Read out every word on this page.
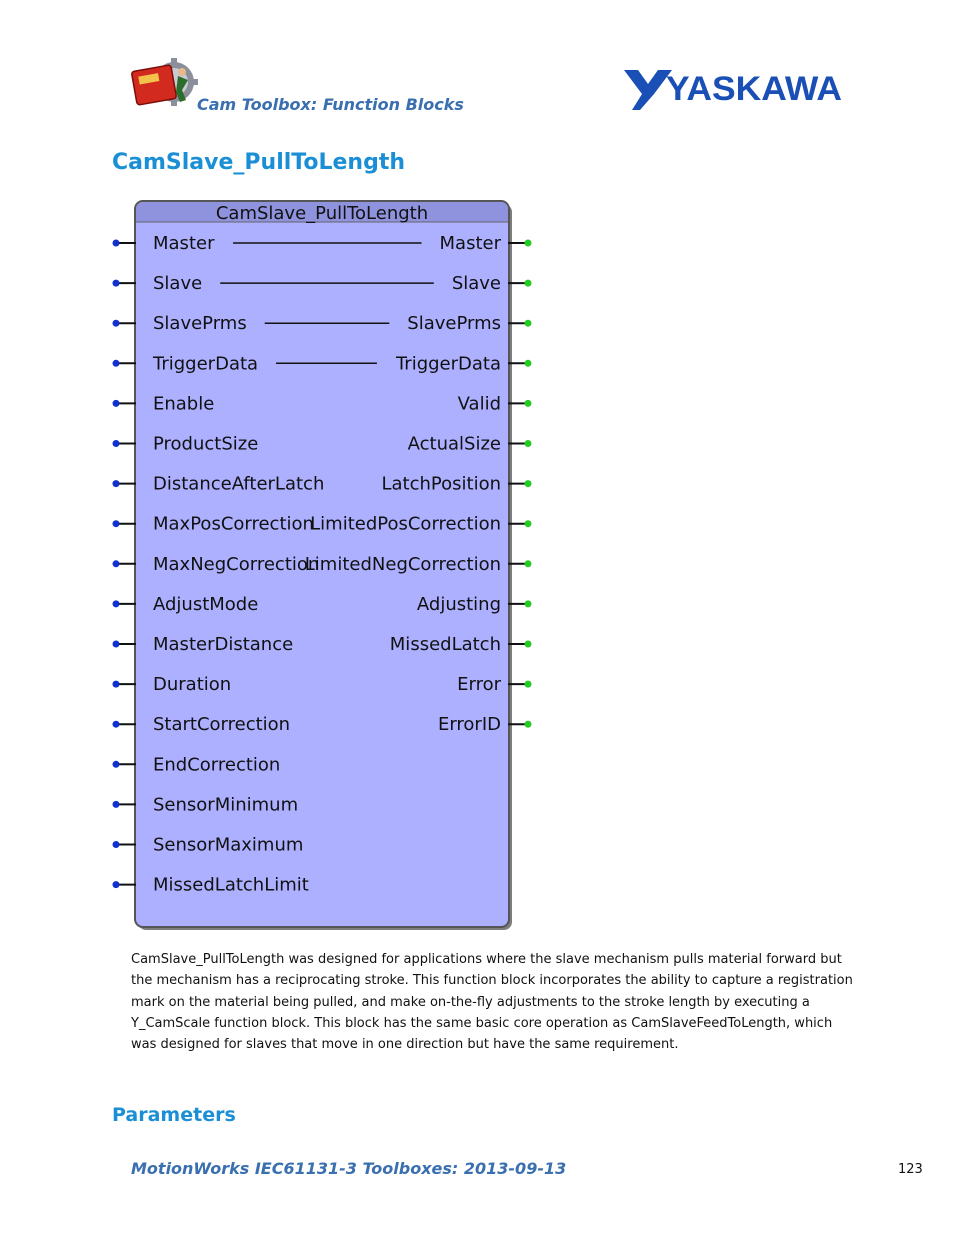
Cam Toolbox: Function Blocks	YASKAWA
CamSlave_PullToLength
CamSlave_PullToLength
Master
Slave
SlavePrms
TriggerData
Enable
ProductSize
DistanceAfterLatch
MaxPosCorrection
MaxNegCorrection
AdjustMode
MasterDistance
Duration
StartCorrection
EndCorrection
SensorMinimum
SensorMaximum
MissedLatchLimit
Master
Slave
SlavePrms
TriggerData
Valid
ActualSize
LatchPosition
LimitedPosCorrection
LimitedNegCorrection
Adjusting
MissedLatch
Error
ErrorID

CamSlave_PullToLength was designed for applications where the slave mechanism pulls material forward but

the mechanism has a reciprocating stroke. This function block incorporates the ability to capture a registration

mark on the material being pulled, and make on-the-fly adjustments to the stroke length by executing a

Y_CamScale function block. This block has the same basic core operation as CamSlaveFeedToLength, which

was designed for slaves that move in one direction but have the same requirement.

Parameters
MotionWorks IEC61131-3 Toolboxes: 2013-09-13	123
